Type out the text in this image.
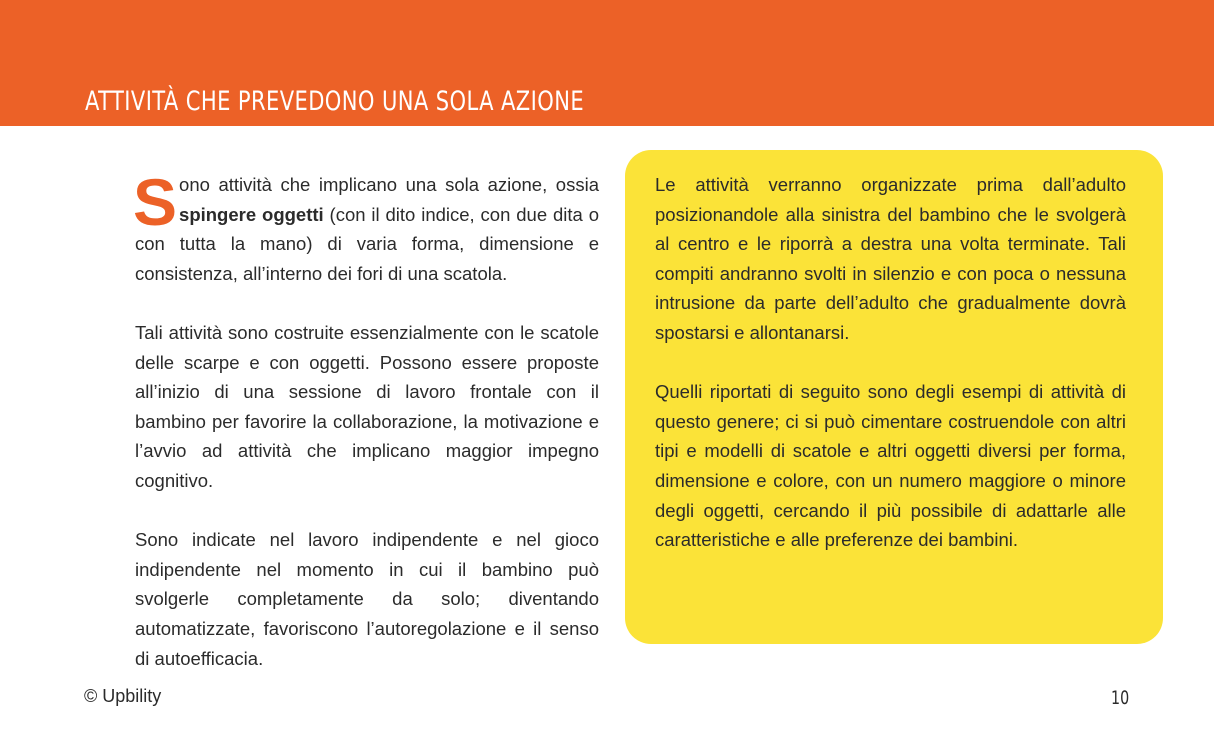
ATTIVITÀ CHE PREVEDONO UNA SOLA AZIONE

Sono attività che implicano una sola azione, ossia spingere oggetti (con il dito indice, con due dita o con tutta la mano) di varia forma, dimensione e consistenza, all’interno dei fori di una scatola.

Tali attività sono costruite essenzialmente con le scatole delle scarpe e con oggetti. Possono essere proposte all’inizio di una sessione di lavoro frontale con il bambino per favorire la collaborazione, la motivazione e l’avvio ad attività che implicano maggior impegno cognitivo.

Sono indicate nel lavoro indipendente e nel gioco indipendente nel momento in cui il bambino può svolgerle completamente da solo; diventando automatizzate, favoriscono l’autoregolazione e il senso di autoefficacia.

Le attività verranno organizzate prima dall’adulto posizionandole alla sinistra del bambino che le svolgerà al centro e le riporrà a destra una volta terminate. Tali compiti andranno svolti in silenzio e con poca o nessuna intrusione da parte dell’adulto che gradualmente dovrà spostarsi e allontanarsi.

Quelli riportati di seguito sono degli esempi di attività di questo genere; ci si può cimentare costruendole con altri tipi e modelli di scatole e altri oggetti diversi per forma, dimensione e colore, con un numero maggiore o minore degli oggetti, cercando il più possibile di adattarle alle caratteristiche e alle preferenze dei bambini.

© Upbility	10
